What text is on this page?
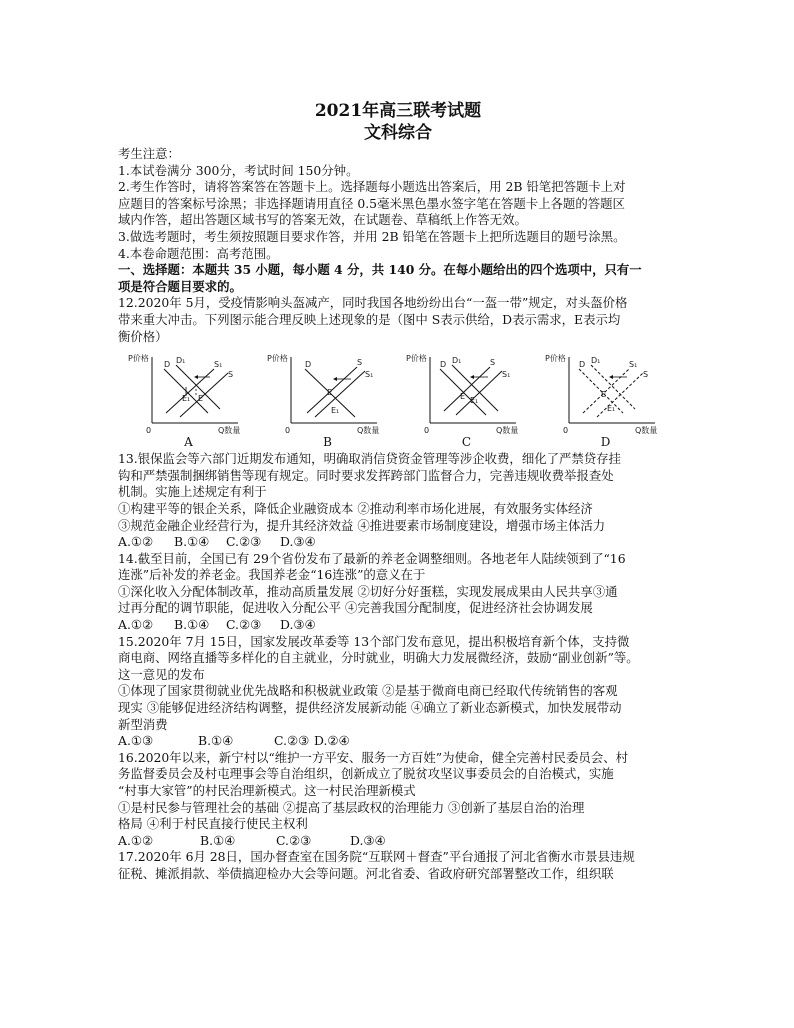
2021年高三联考试题

文科综合

考生注意：

1.本试卷满分 300分，考试时间 150分钟。

2.考生作答时，请将答案答在答题卡上。选择题每小题选出答案后，用 2B 铅笔把答题卡上对

应题目的答案标号涂黑；非选择题请用直径 0.5毫米黑色墨水签字笔在答题卡上各题的答题区

域内作答，超出答题区域书写的答案无效，在试题卷、草稿纸上作答无效。

3.做选考题时，考生须按照题目要求作答，并用 2B 铅笔在答题卡上把所选题目的题号涂黑。

4.本卷命题范围：高考范围。

一、选择题：本题共 35 小题，每小题 4 分，共 140 分。在每小题给出的四个选项中，只有一

项是符合题目要求的。

12.2020年 5月，受疫情影响头盔减产，同时我国各地纷纷出台“一盔一带”规定，对头盔价格

带来重大冲击。下列图示能合理反映上述现象的是（图中 S表示供给，D表示需求，E表示均

衡价格）

P价格
Q数量
0
D D₁	S₁
S
E₁ E
A
P价格
Q数量
0
D	S
S₁
E
E₁
B
P价格
Q数量
0
D D₁	S
S₁
E E₁
C
P价格
Q数量
0
D D₁	S₁
S
E
E₁
D

13.银保监会等六部门近期发布通知，明确取消信贷资金管理等涉企收费，细化了严禁贷存挂

钩和严禁强制捆绑销售等现有规定。同时要求发挥跨部门监督合力，完善违规收费举报查处

机制。实施上述规定有利于

①构建平等的银企关系，降低企业融资成本 ②推动利率市场化进展，有效服务实体经济

③规范金融企业经营行为，提升其经济效益 ④推进要素市场制度建设，增强市场主体活力

A.①② B.①④ C.②③ D.③④

14.截至目前，全国已有 29个省份发布了最新的养老金调整细则。各地老年人陆续领到了“16

连涨”后补发的养老金。我国养老金“16连涨”的意义在于

①深化收入分配体制改革，推动高质量发展 ②切好分好蛋糕，实现发展成果由人民共享③通

过再分配的调节职能，促进收入分配公平 ④完善我国分配制度，促进经济社会协调发展

A.①② B.①④ C.②③ D.③④

15.2020年 7月 15日，国家发展改革委等 13个部门发布意见，提出积极培育新个体，支持微

商电商、网络直播等多样化的自主就业，分时就业，明确大力发展微经济，鼓励“副业创新”等。

这一意见的发布

①体现了国家贯彻就业优先战略和积极就业政策 ②是基于微商电商已经取代传统销售的客观

现实 ③能够促进经济结构调整，提供经济发展新动能 ④确立了新业态新模式，加快发展带动

新型消费

A.①③	B.①④	C.②③ D.②④

16.2020年以来，新宁村以“维护一方平安、服务一方百姓”为使命，健全完善村民委员会、村

务监督委员会及村屯理事会等自治组织，创新成立了脱贫攻坚议事委员会的自治模式，实施

“村事大家管”的村民治理新模式。这一村民治理新模式

①是村民参与管理社会的基础 ②提高了基层政权的治理能力 ③创新了基层自治的治理

格局 ④利于村民直接行使民主权利

A.①②	B.①④	C.②③	D.③④

17.2020年 6月 28日，国办督查室在国务院“互联网＋督查”平台通报了河北省衡水市景县违规

征税、摊派捐款、举债搞迎检办大会等问题。河北省委、省政府研究部署整改工作，组织联
